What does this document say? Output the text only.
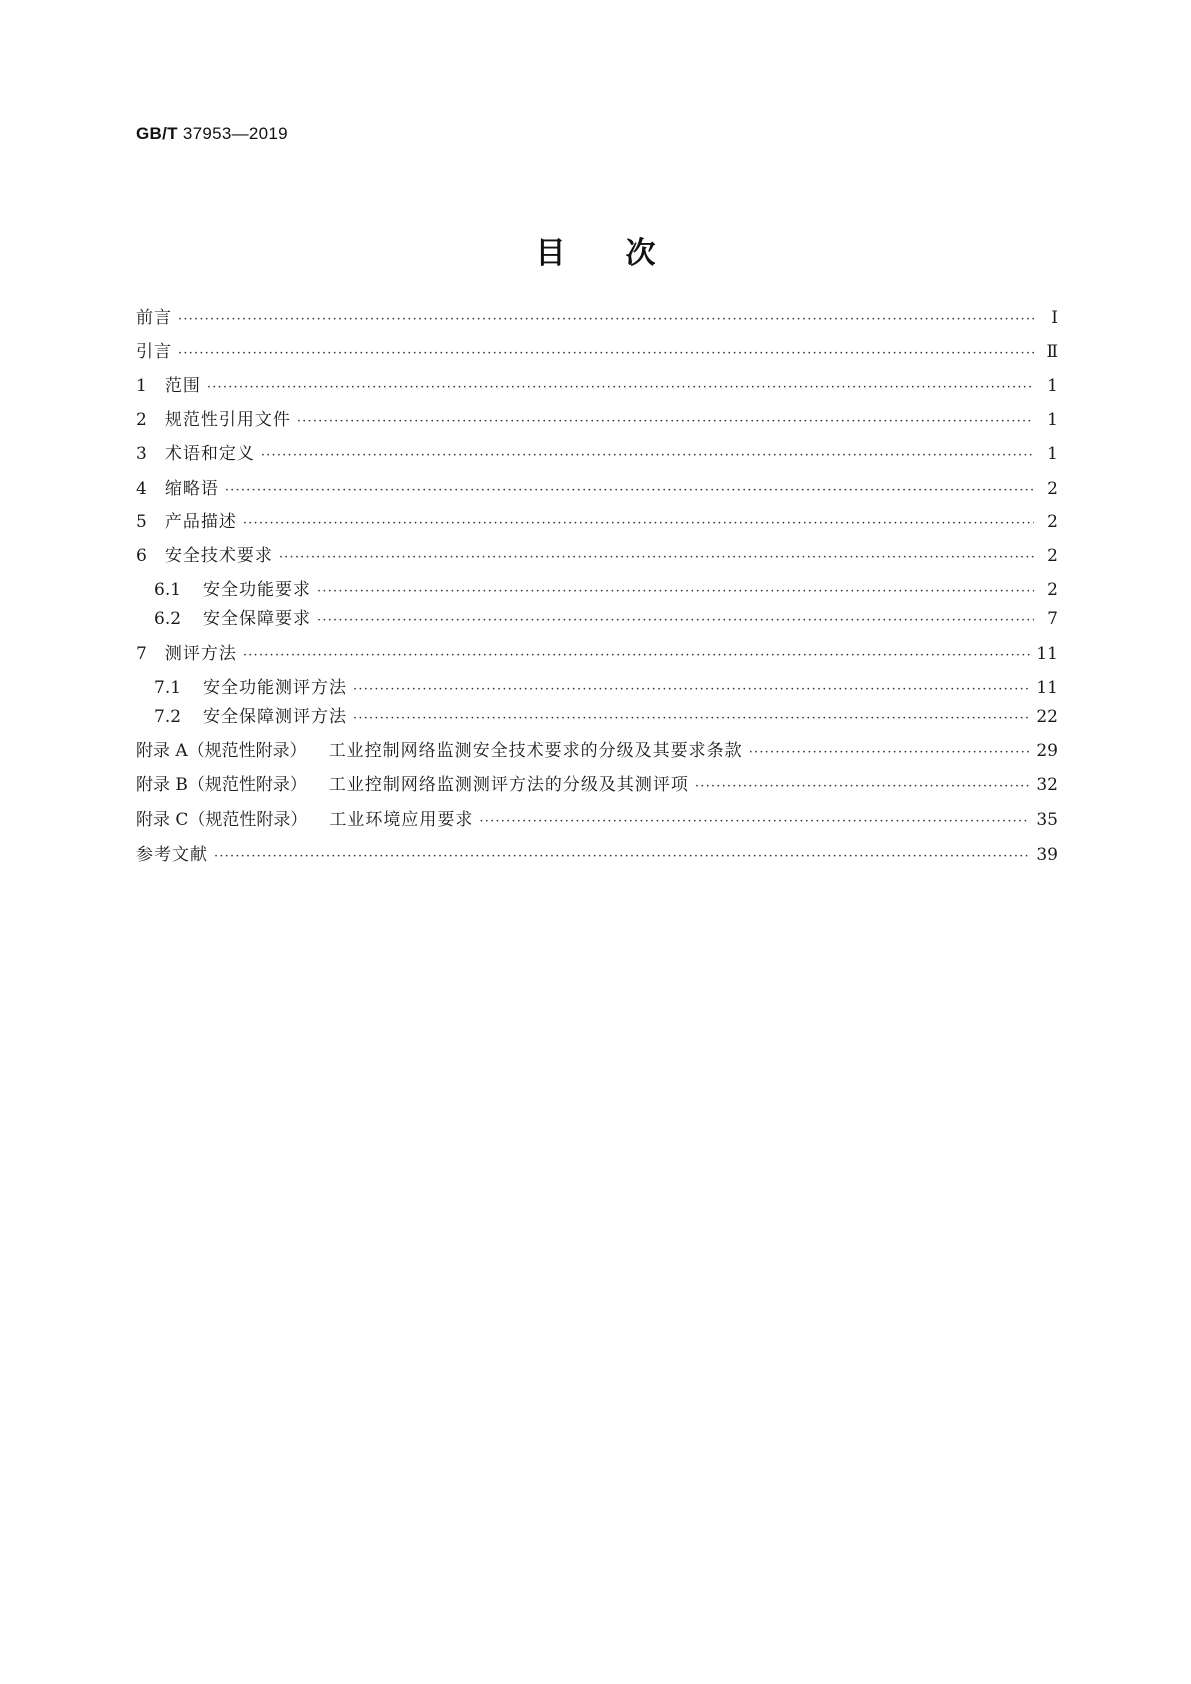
GB/T 37953—2019
目次
前言 ·····	Ⅰ
引言 ·····	Ⅱ
1 范围 ·····	1
2 规范性引用文件 ·····	1
3 术语和定义 ·····	1
4 缩略语 ·····	2
5 产品描述 ·····	2
6 安全技术要求 ·····	2
6.1 安全功能要求 ·····	2
6.2 安全保障要求 ·····	7
7 测评方法 ·····	11
7.1 安全功能测评方法 ·····	11
7.2 安全保障测评方法 ·····	22
附录 A（规范性附录） 工业控制网络监测安全技术要求的分级及其要求条款 ·····	29
附录 B（规范性附录） 工业控制网络监测测评方法的分级及其测评项 ·····	32
附录 C（规范性附录） 工业环境应用要求 ·····	35
参考文献 ·····	39
